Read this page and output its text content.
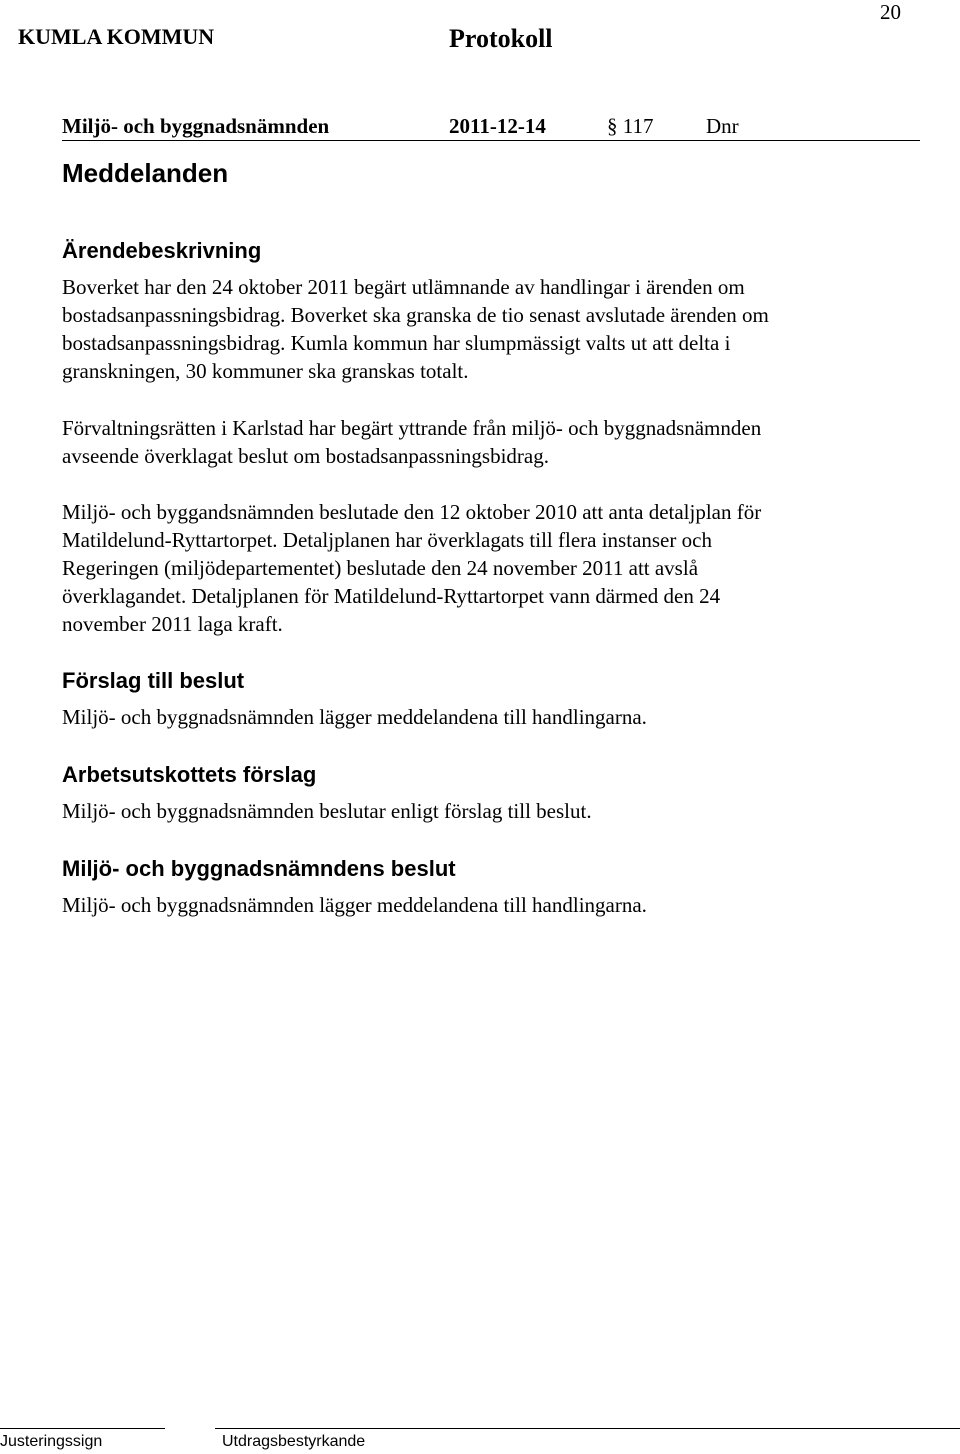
KUMLA KOMMUN	Protokoll
20
Miljö- och byggnadsnämnden	2011-12-14	§ 117	Dnr
Meddelanden
Ärendebeskrivning

Boverket har den 24 oktober 2011 begärt utlämnande av handlingar i ärenden om

bostadsanpassningsbidrag. Boverket ska granska de tio senast avslutade ärenden om

bostadsanpassningsbidrag. Kumla kommun har slumpmässigt valts ut att delta i

granskningen, 30 kommuner ska granskas totalt.

Förvaltningsrätten i Karlstad har begärt yttrande från miljö- och byggnadsnämnden

avseende överklagat beslut om bostadsanpassningsbidrag.

Miljö- och byggandsnämnden beslutade den 12 oktober 2010 att anta detaljplan för

Matildelund-Ryttartorpet. Detaljplanen har överklagats till flera instanser och

Regeringen (miljödepartementet) beslutade den 24 november 2011 att avslå

överklagandet. Detaljplanen för Matildelund-Ryttartorpet vann därmed den 24

november 2011 laga kraft.

Förslag till beslut

Miljö- och byggnadsnämnden lägger meddelandena till handlingarna.

Arbetsutskottets förslag

Miljö- och byggnadsnämnden beslutar enligt förslag till beslut.

Miljö- och byggnadsnämndens beslut

Miljö- och byggnadsnämnden lägger meddelandena till handlingarna.

Justeringssign	Utdragsbestyrkande
